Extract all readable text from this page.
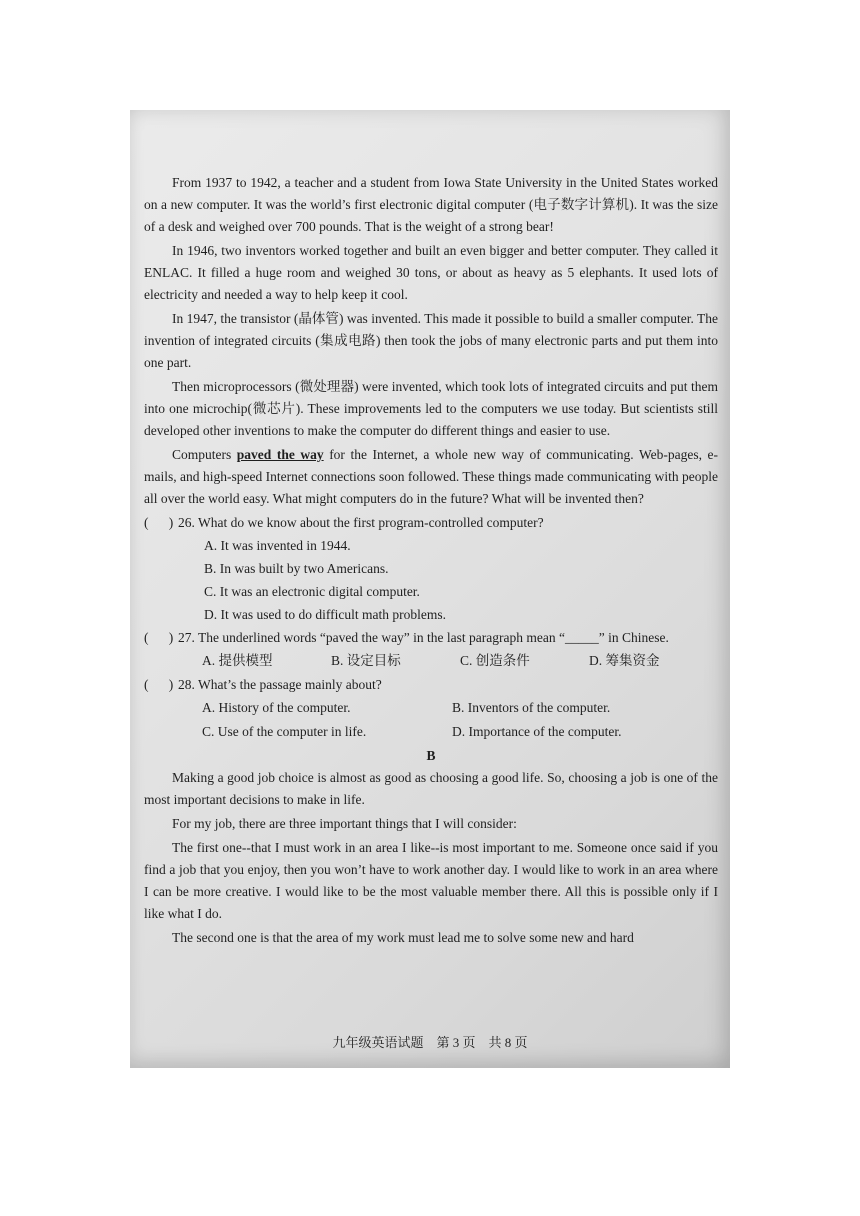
From 1937 to 1942, a teacher and a student from Iowa State University in the United States worked on a new computer. It was the world’s first electronic digital computer (电子数字计算机). It was the size of a desk and weighed over 700 pounds. That is the weight of a strong bear!

In 1946, two inventors worked together and built an even bigger and better computer. They called it ENLAC. It filled a huge room and weighed 30 tons, or about as heavy as 5 elephants. It used lots of electricity and needed a way to help keep it cool.

In 1947, the transistor (晶体管) was invented. This made it possible to build a smaller computer. The invention of integrated circuits (集成电路) then took the jobs of many electronic parts and put them into one part.

Then microprocessors (微处理器) were invented, which took lots of integrated circuits and put them into one microchip(微芯片). These improvements led to the computers we use today. But scientists still developed other inventions to make the computer do different things and easier to use.

Computers paved the way for the Internet, a whole new way of communicating. Web-pages, e-mails, and high-speed Internet connections soon followed. These things made communicating with people all over the world easy. What might computers do in the future? What will be invented then?

(      ) 26. What do we know about the first program-controlled computer?
A. It was invented in 1944.
B. In was built by two Americans.
C. It was an electronic digital computer.
D. It was used to do difficult math problems.
(      ) 27. The underlined words “paved the way” in the last paragraph mean “_____” in Chinese.
A. 提供模型	B. 设定目标	C. 创造条件	D. 筹集资金
(      ) 28. What’s the passage mainly about?
A. History of the computer.	B. Inventors of the computer.
C. Use of the computer in life.	D. Importance of the computer.
B

Making a good job choice is almost as good as choosing a good life. So, choosing a job is one of the most important decisions to make in life.

For my job, there are three important things that I will consider:

The first one--that I must work in an area I like--is most important to me. Someone once said if you find a job that you enjoy, then you won’t have to work another day. I would like to work in an area where I can be more creative. I would like to be the most valuable member there. All this is possible only if I like what I do.

The second one is that the area of my work must lead me to solve some new and hard

九年级英语试题　第 3 页　共 8 页
